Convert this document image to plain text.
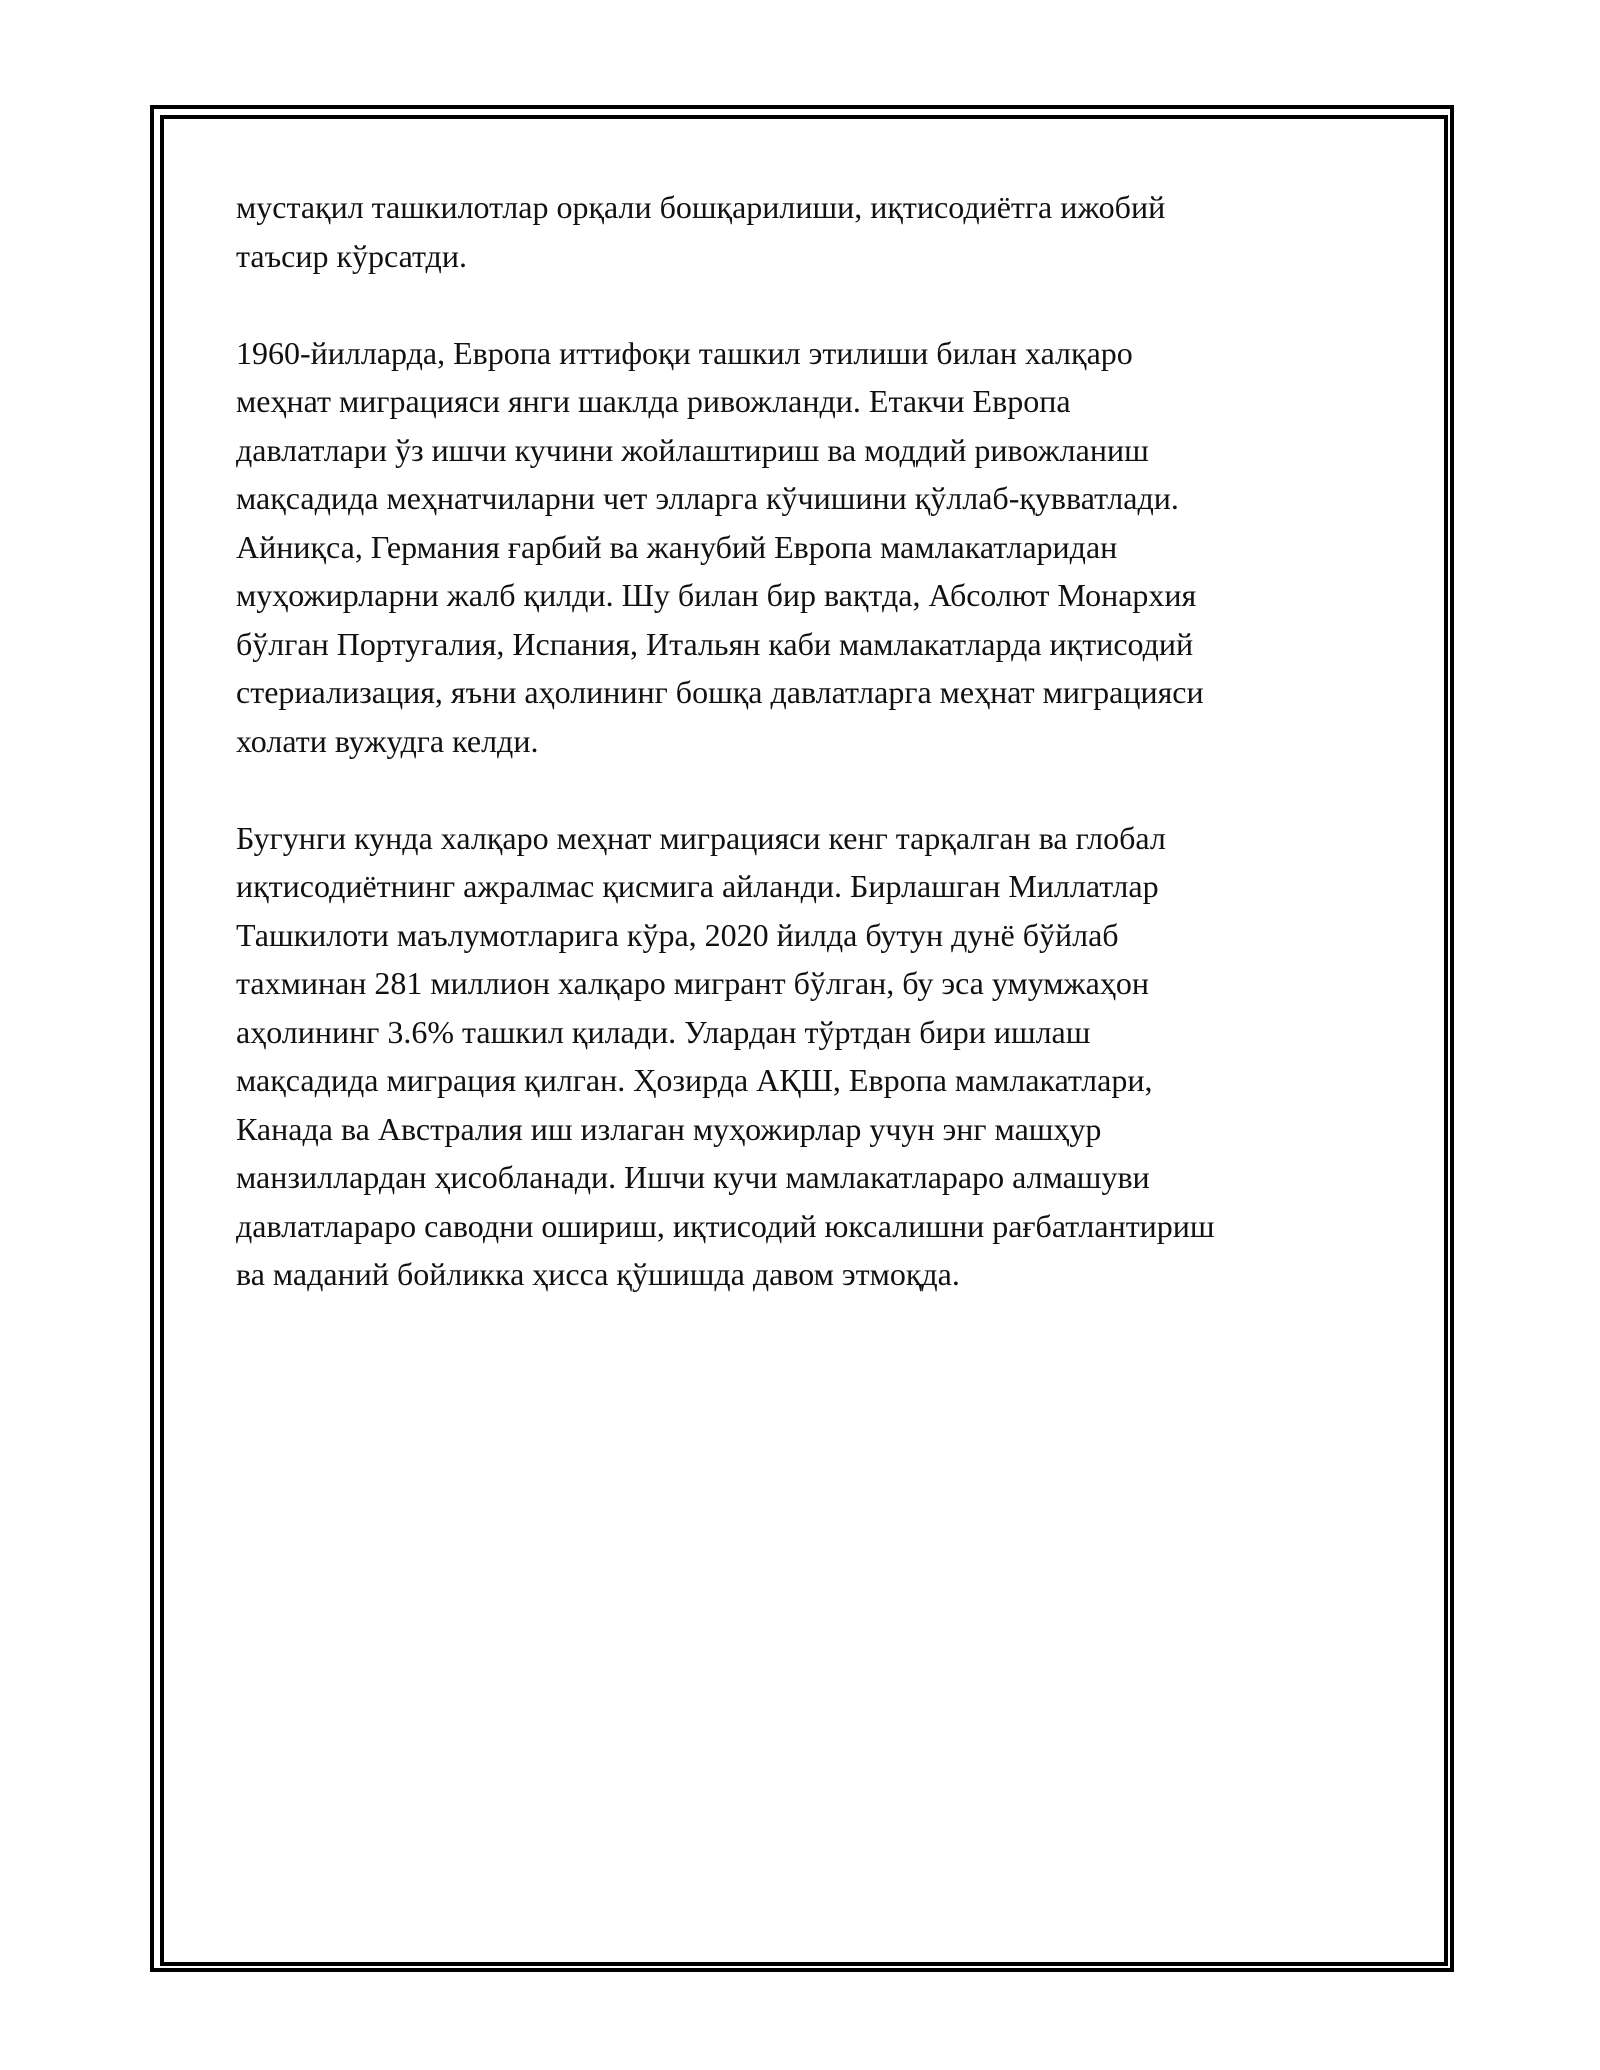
мустақил ташкилотлар орқали бошқарилиши, иқтисодиётга ижобий
таъсир кўрсатди.

1960-йилларда, Европа иттифоқи ташкил этилиши билан халқаро
меҳнат миграцияси янги шаклда ривожланди. Етакчи Европа
давлатлари ўз ишчи кучини жойлаштириш ва моддий ривожланиш
мақсадида меҳнатчиларни чет элларга кўчишини қўллаб-қувватлади.
Айниқса, Германия ғарбий ва жанубий Европа мамлакатларидан
муҳожирларни жалб қилди. Шу билан бир вақтда, Абсолют Монархия
бўлган Португалия, Испания, Итальян каби мамлакатларда иқтисодий
стериализация, яъни аҳолининг бошқа давлатларга меҳнат миграцияси
холати вужудга келди.

Бугунги кунда халқаро меҳнат миграцияси кенг тарқалган ва глобал
иқтисодиётнинг ажралмас қисмига айланди. Бирлашган Миллатлар
Ташкилоти маълумотларига кўра, 2020 йилда бутун дунё бўйлаб
тахминан 281 миллион халқаро мигрант бўлган, бу эса умумжаҳон
аҳолининг 3.6% ташкил қилади. Улардан тўртдан бири ишлаш
мақсадида миграция қилган. Ҳозирда АҚШ, Европа мамлакатлари,
Канада ва Австралия иш излаган муҳожирлар учун энг машҳур
манзиллардан ҳисобланади. Ишчи кучи мамлакатлараро алмашуви
давлатлараро саводни ошириш, иқтисодий юксалишни рағбатлантириш
ва маданий бойликка ҳисса қўшишда давом этмоқда.
